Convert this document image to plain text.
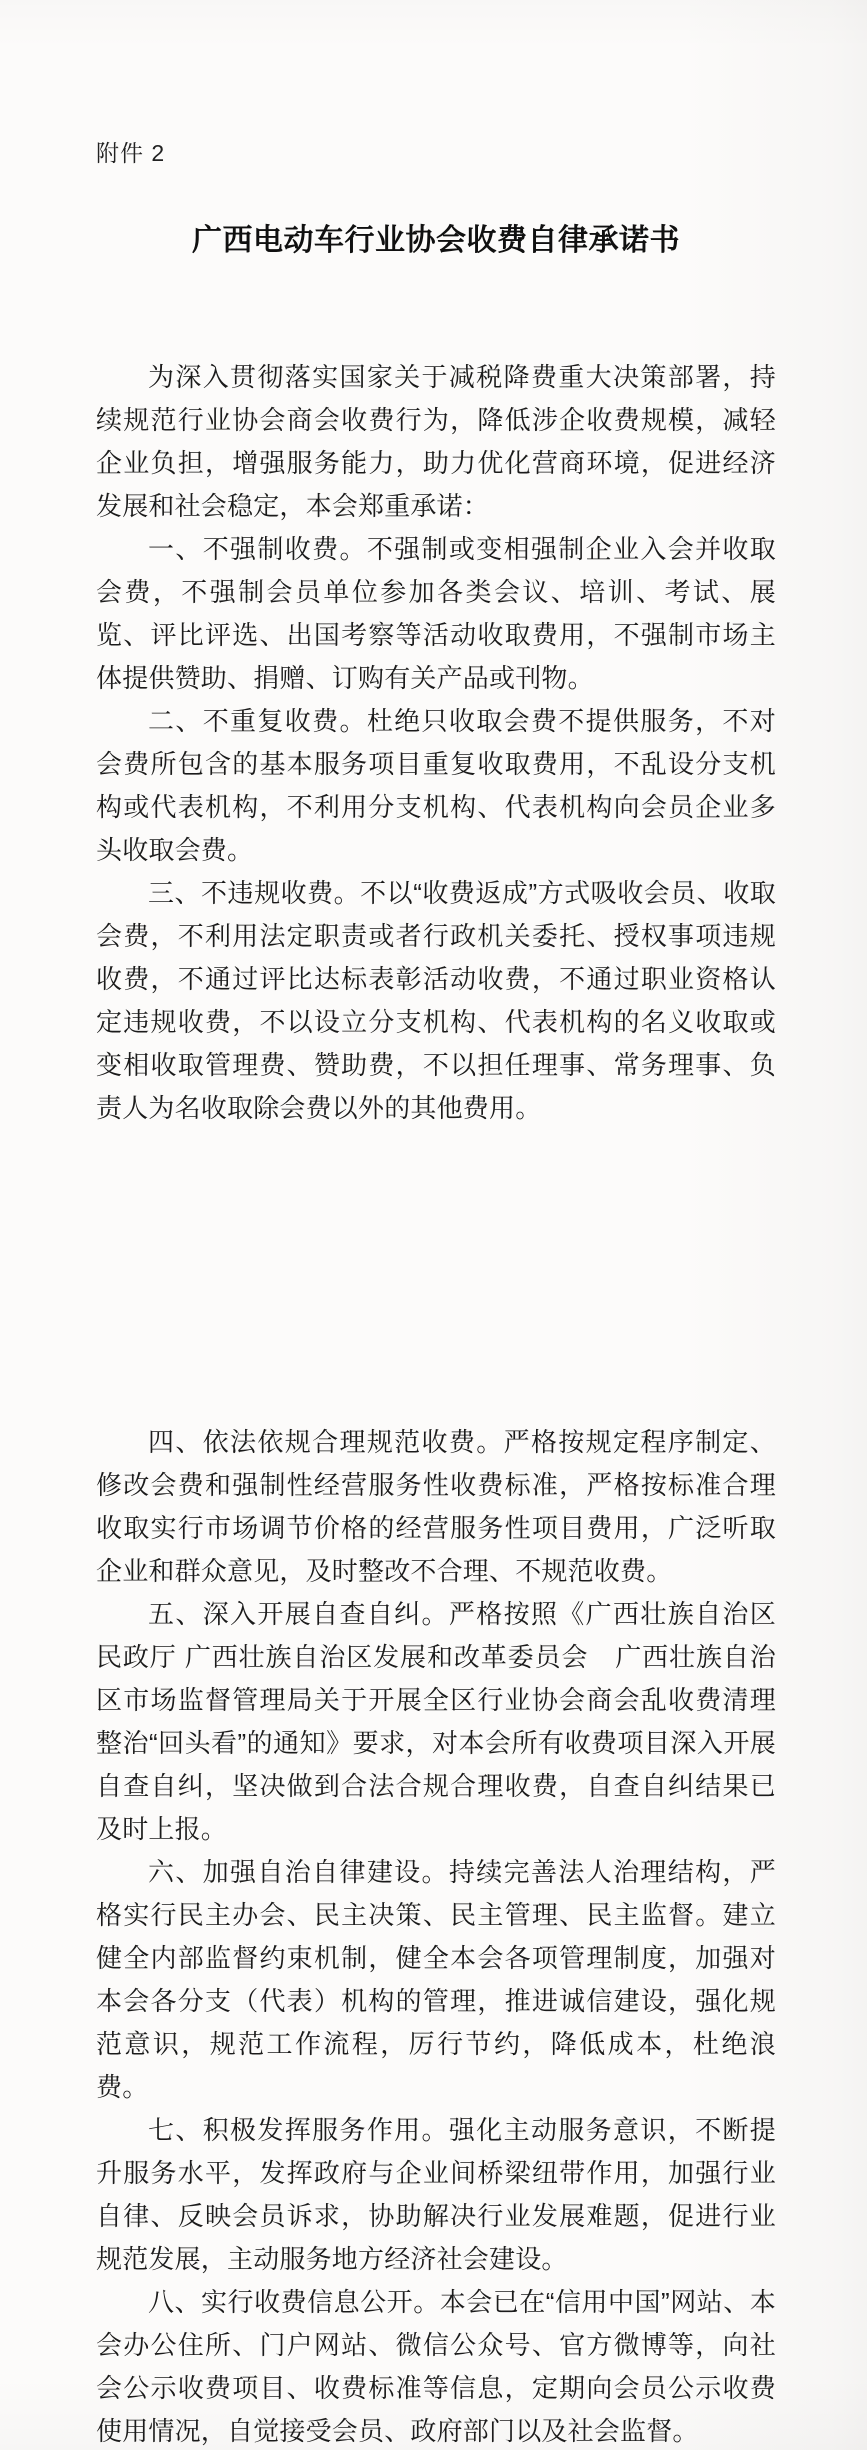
附件 2
广西电动车行业协会收费自律承诺书

为深入贯彻落实国家关于减税降费重大决策部署，持续规范行业协会商会收费行为，降低涉企收费规模，减轻企业负担，增强服务能力，助力优化营商环境，促进经济发展和社会稳定，本会郑重承诺：

一、不强制收费。不强制或变相强制企业入会并收取会费，不强制会员单位参加各类会议、培训、考试、展览、评比评选、出国考察等活动收取费用，不强制市场主体提供赞助、捐赠、订购有关产品或刊物。

二、不重复收费。杜绝只收取会费不提供服务，不对会费所包含的基本服务项目重复收取费用，不乱设分支机构或代表机构，不利用分支机构、代表机构向会员企业多头收取会费。

三、不违规收费。不以“收费返成”方式吸收会员、收取会费，不利用法定职责或者行政机关委托、授权事项违规收费，不通过评比达标表彰活动收费，不通过职业资格认定违规收费，不以设立分支机构、代表机构的名义收取或变相收取管理费、赞助费，不以担任理事、常务理事、负责人为名收取除会费以外的其他费用。

四、依法依规合理规范收费。严格按规定程序制定、修改会费和强制性经营服务性收费标准，严格按标准合理收取实行市场调节价格的经营服务性项目费用，广泛听取企业和群众意见，及时整改不合理、不规范收费。

五、深入开展自查自纠。严格按照《广西壮族自治区民政厅 广西壮族自治区发展和改革委员会　广西壮族自治区市场监督管理局关于开展全区行业协会商会乱收费清理整治“回头看”的通知》要求，对本会所有收费项目深入开展自查自纠，坚决做到合法合规合理收费，自查自纠结果已及时上报。

六、加强自治自律建设。持续完善法人治理结构，严格实行民主办会、民主决策、民主管理、民主监督。建立健全内部监督约束机制，健全本会各项管理制度，加强对本会各分支（代表）机构的管理，推进诚信建设，强化规范意识，规范工作流程，厉行节约，降低成本，杜绝浪费。

七、积极发挥服务作用。强化主动服务意识，不断提升服务水平，发挥政府与企业间桥梁纽带作用，加强行业自律、反映会员诉求，协助解决行业发展难题，促进行业规范发展，主动服务地方经济社会建设。

八、实行收费信息公开。本会已在“信用中国”网站、本会办公住所、门户网站、微信公众号、官方微博等，向社会公示收费项目、收费标准等信息，定期向会员公示收费使用情况，自觉接受会员、政府部门以及社会监督。
